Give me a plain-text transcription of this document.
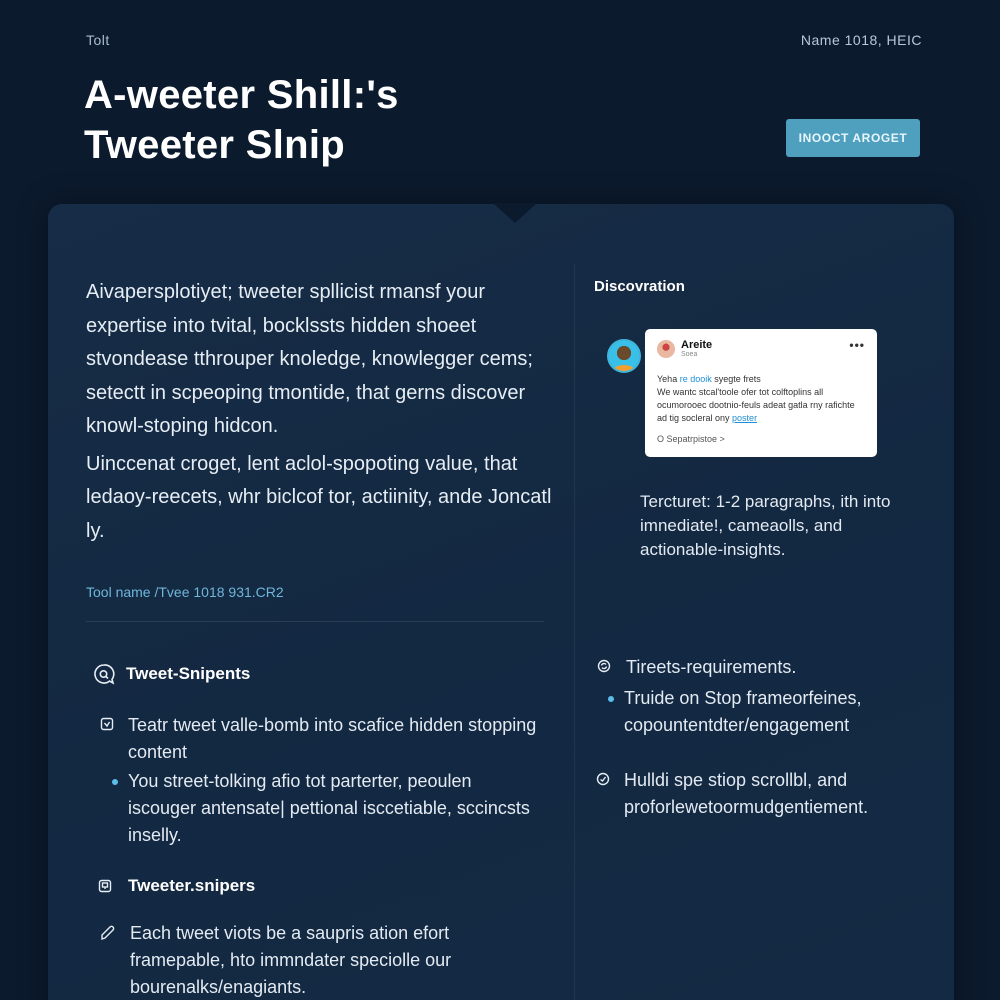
Tolt	Name 1018, HEIC
A-weeter Shill:'s
Tweeter Slnip	INOOCT AROGET

Aivapersplotiyet; tweeter spllicist rmansf your expertise into tvital, bocklssts hidden shoeet stvondease tthrouper knoledge, knowlegger cems; setectt in scpeoping tmontide, that gerns discover knowl-stoping hidcon.

Uinccenat croget, lent aclol-spopoting value, that ledaoy-reecets, whr biclcof tor, actiinity, ande Joncatl ly.

Tool name /Tvee 1018 931.CR2
Tweet-Snipents
Teatr tweet valle-bomb into scafice hidden stopping content
You street-tolking afio tot parterter, peoulen iscouger antensate| pettional isccetiable, sccincsts inselly.
Tweeter.snipers
Each tweet viots be a saupris ation efort framepable, hto immndater speciolle our bourenalks/enagiants.
Discovration
Areite
Soea
•••
Yeha re dooik syegte frets
We wantc stcal'toole ofer tot colftoplins all ocumorooec dootnio-feuls adeat gatla rny rafichte ad tig socleral ony poster
O Sepatrpistoe >
Tercturet: 1-2 paragraphs, ith into imnediate!, cameaolls, and actionable-insights.
Tireets-requirements.
Truide on Stop frameorfeines, copountentdter/engagement
Hulldi spe stiop scrollbl, and proforlewetoormudgentiement.
